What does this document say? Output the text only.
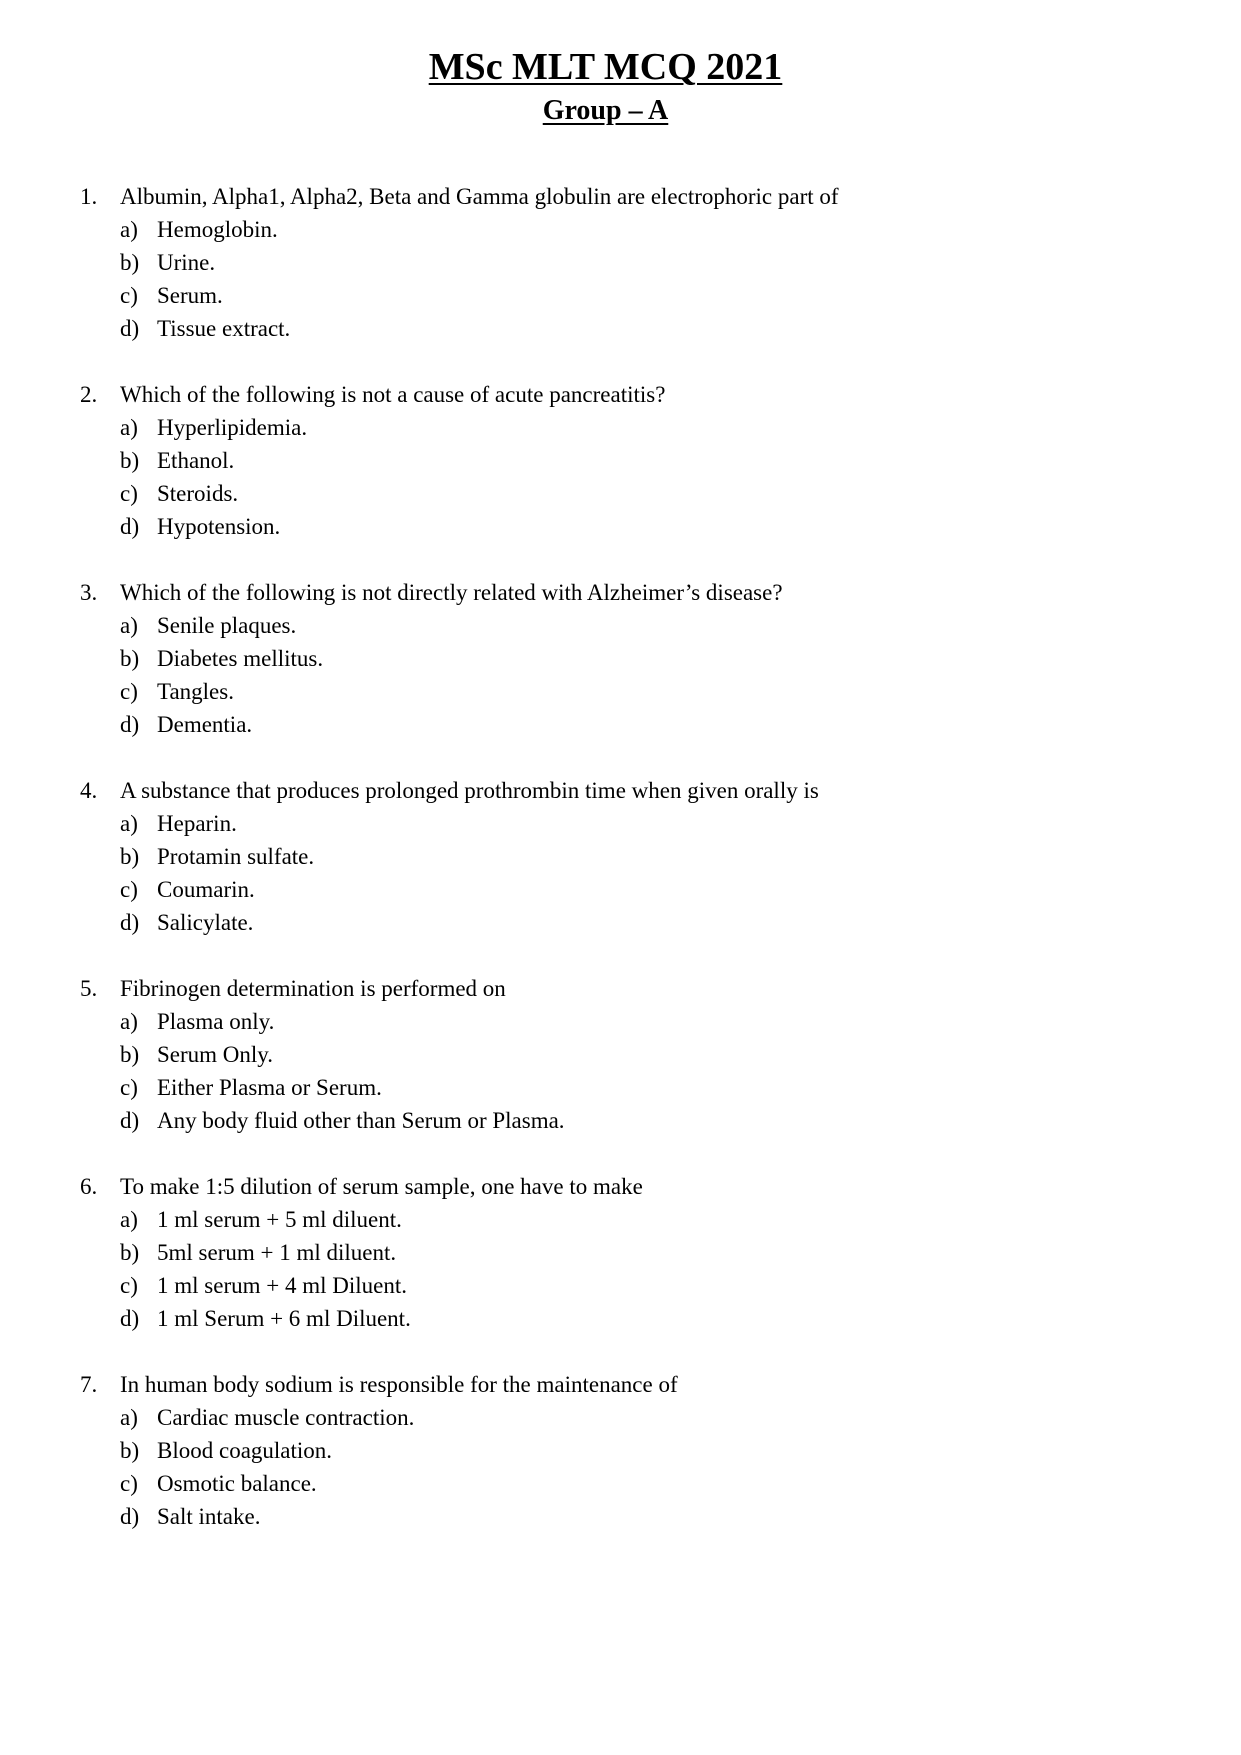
MSc MLT MCQ 2021
Group – A
1. Albumin, Alpha1, Alpha2, Beta and Gamma globulin are electrophoric part of
a) Hemoglobin.
b) Urine.
c) Serum.
d) Tissue extract.
2. Which of the following is not a cause of acute pancreatitis?
a) Hyperlipidemia.
b) Ethanol.
c) Steroids.
d) Hypotension.
3. Which of the following is not directly related with Alzheimer’s disease?
a) Senile plaques.
b) Diabetes mellitus.
c) Tangles.
d) Dementia.
4. A substance that produces prolonged prothrombin time when given orally is
a) Heparin.
b) Protamin sulfate.
c) Coumarin.
d) Salicylate.
5. Fibrinogen determination is performed on
a) Plasma only.
b) Serum Only.
c) Either Plasma or Serum.
d) Any body fluid other than Serum or Plasma.
6. To make 1:5 dilution of serum sample, one have to make
a) 1 ml serum + 5 ml diluent.
b) 5ml serum + 1 ml diluent.
c) 1 ml serum + 4 ml Diluent.
d) 1 ml Serum + 6 ml Diluent.
7. In human body sodium is responsible for the maintenance of
a) Cardiac muscle contraction.
b) Blood coagulation.
c) Osmotic balance.
d) Salt intake.
